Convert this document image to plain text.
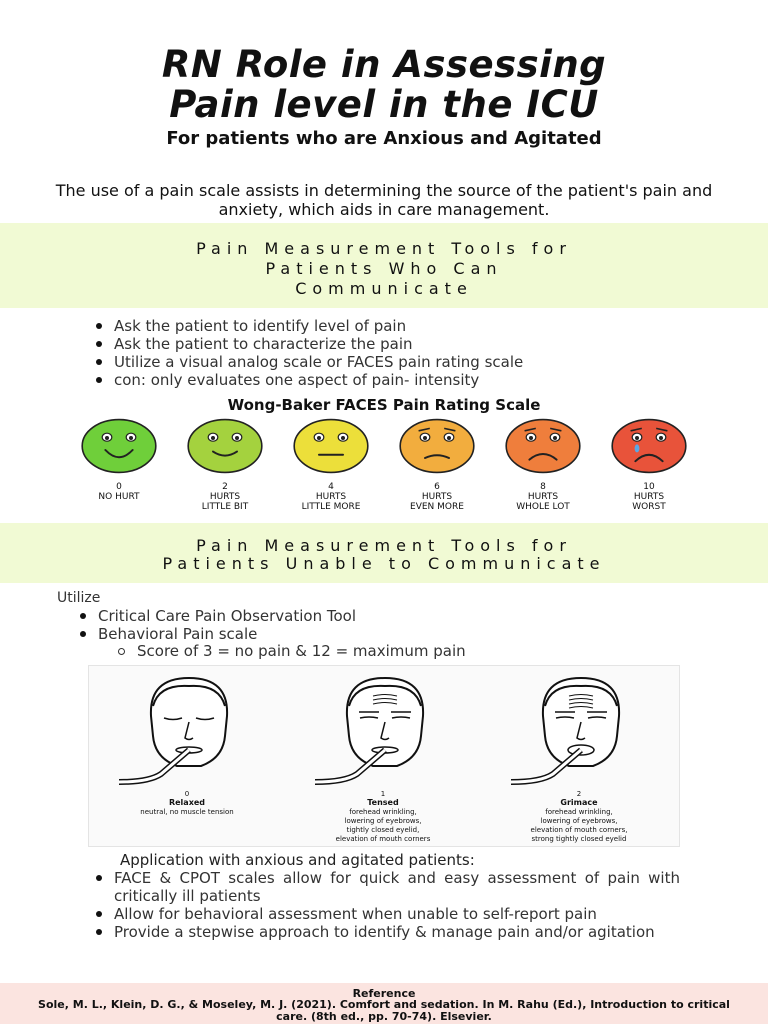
RN Role in Assessing
Pain level in the ICU
For patients who are Anxious and Agitated
The use of a pain scale assists in determining the source of the patient's pain and anxiety, which aids in care management.
Pain Measurement Tools for
Patients Who Can
Communicate
Ask the patient to identify level of pain
Ask the patient to characterize the pain
Utilize a visual analog scale or FACES pain rating scale
con: only evaluates one aspect of pain- intensity
Wong-Baker FACES Pain Rating Scale
0
NO HURT
2
HURTS
LITTLE BIT
4
HURTS
LITTLE MORE
6
HURTS
EVEN MORE
8
HURTS
WHOLE LOT
10
HURTS
WORST
Pain Measurement Tools for
Patients Unable to Communicate
Utilize
Critical Care Pain Observation Tool
Behavioral Pain scale
Score of 3 = no pain & 12 = maximum pain
0
Relaxed
neutral, no muscle tension
1
Tensed
forehead wrinkling,
lowering of eyebrows,
tightly closed eyelid,
elevation of mouth corners
2
Grimace
forehead wrinkling,
lowering of eyebrows,
elevation of mouth corners,
strong tightly closed eyelid
Application with anxious and agitated patients:
FACE & CPOT scales allow for quick and easy assessment of pain with critically ill patients
Allow for behavioral assessment when unable to self-report pain
Provide a stepwise approach to identify & manage pain and/or agitation
Reference
Sole, M. L., Klein, D. G., & Moseley, M. J. (2021). Comfort and sedation. In M. Rahu (Ed.), Introduction to critical care. (8th ed., pp. 70-74). Elsevier.
